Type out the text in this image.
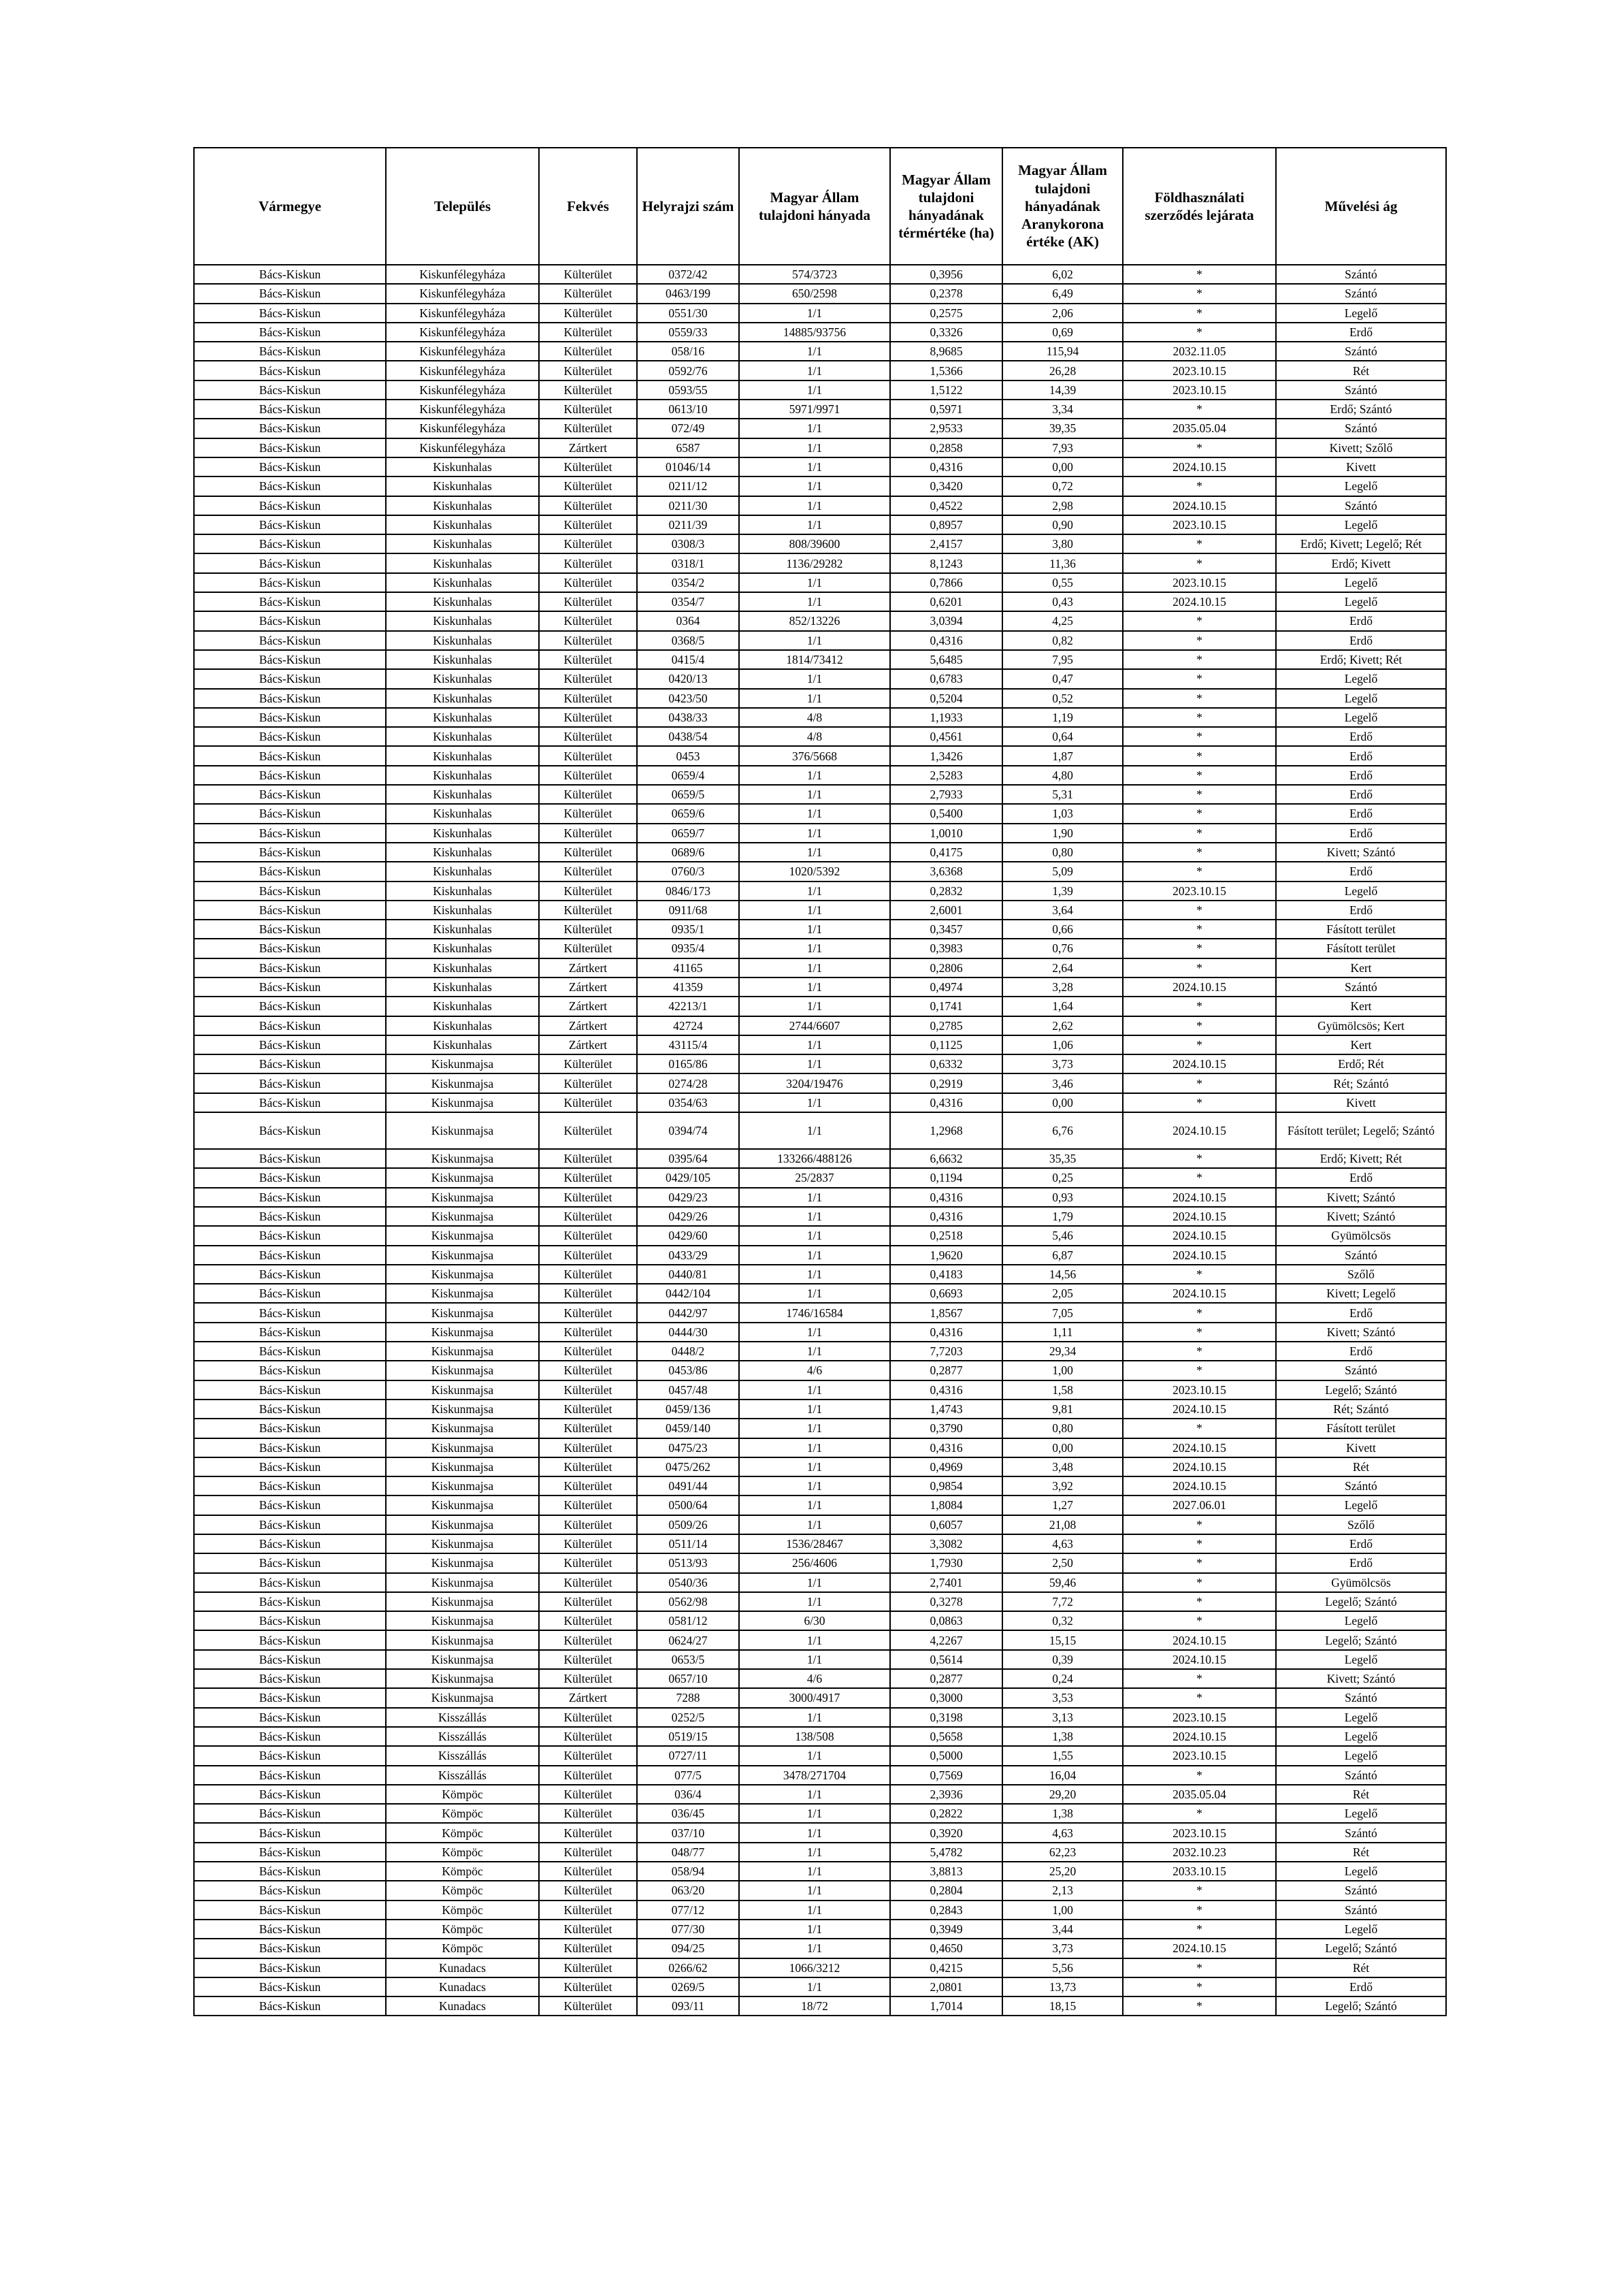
Vármegye	Település	Fekvés	Helyrajzi szám	Magyar Állam tulajdoni hányada	Magyar Állam tulajdoni hányadának térmértéke (ha)	Magyar Állam tulajdoni hányadának Aranykorona értéke (AK)	Földhasználati szerződés lejárata	Művelési ág
Bács-Kiskun	Kiskunfélegyháza	Külterület	0372/42	574/3723	0,3956	6,02	*	Szántó
Bács-Kiskun	Kiskunfélegyháza	Külterület	0463/199	650/2598	0,2378	6,49	*	Szántó
Bács-Kiskun	Kiskunfélegyháza	Külterület	0551/30	1/1	0,2575	2,06	*	Legelő
Bács-Kiskun	Kiskunfélegyháza	Külterület	0559/33	14885/93756	0,3326	0,69	*	Erdő
Bács-Kiskun	Kiskunfélegyháza	Külterület	058/16	1/1	8,9685	115,94	2032.11.05	Szántó
Bács-Kiskun	Kiskunfélegyháza	Külterület	0592/76	1/1	1,5366	26,28	2023.10.15	Rét
Bács-Kiskun	Kiskunfélegyháza	Külterület	0593/55	1/1	1,5122	14,39	2023.10.15	Szántó
Bács-Kiskun	Kiskunfélegyháza	Külterület	0613/10	5971/9971	0,5971	3,34	*	Erdő; Szántó
Bács-Kiskun	Kiskunfélegyháza	Külterület	072/49	1/1	2,9533	39,35	2035.05.04	Szántó
Bács-Kiskun	Kiskunfélegyháza	Zártkert	6587	1/1	0,2858	7,93	*	Kivett; Szőlő
Bács-Kiskun	Kiskunhalas	Külterület	01046/14	1/1	0,4316	0,00	2024.10.15	Kivett
Bács-Kiskun	Kiskunhalas	Külterület	0211/12	1/1	0,3420	0,72	*	Legelő
Bács-Kiskun	Kiskunhalas	Külterület	0211/30	1/1	0,4522	2,98	2024.10.15	Szántó
Bács-Kiskun	Kiskunhalas	Külterület	0211/39	1/1	0,8957	0,90	2023.10.15	Legelő
Bács-Kiskun	Kiskunhalas	Külterület	0308/3	808/39600	2,4157	3,80	*	Erdő; Kivett; Legelő; Rét
Bács-Kiskun	Kiskunhalas	Külterület	0318/1	1136/29282	8,1243	11,36	*	Erdő; Kivett
Bács-Kiskun	Kiskunhalas	Külterület	0354/2	1/1	0,7866	0,55	2023.10.15	Legelő
Bács-Kiskun	Kiskunhalas	Külterület	0354/7	1/1	0,6201	0,43	2024.10.15	Legelő
Bács-Kiskun	Kiskunhalas	Külterület	0364	852/13226	3,0394	4,25	*	Erdő
Bács-Kiskun	Kiskunhalas	Külterület	0368/5	1/1	0,4316	0,82	*	Erdő
Bács-Kiskun	Kiskunhalas	Külterület	0415/4	1814/73412	5,6485	7,95	*	Erdő; Kivett; Rét
Bács-Kiskun	Kiskunhalas	Külterület	0420/13	1/1	0,6783	0,47	*	Legelő
Bács-Kiskun	Kiskunhalas	Külterület	0423/50	1/1	0,5204	0,52	*	Legelő
Bács-Kiskun	Kiskunhalas	Külterület	0438/33	4/8	1,1933	1,19	*	Legelő
Bács-Kiskun	Kiskunhalas	Külterület	0438/54	4/8	0,4561	0,64	*	Erdő
Bács-Kiskun	Kiskunhalas	Külterület	0453	376/5668	1,3426	1,87	*	Erdő
Bács-Kiskun	Kiskunhalas	Külterület	0659/4	1/1	2,5283	4,80	*	Erdő
Bács-Kiskun	Kiskunhalas	Külterület	0659/5	1/1	2,7933	5,31	*	Erdő
Bács-Kiskun	Kiskunhalas	Külterület	0659/6	1/1	0,5400	1,03	*	Erdő
Bács-Kiskun	Kiskunhalas	Külterület	0659/7	1/1	1,0010	1,90	*	Erdő
Bács-Kiskun	Kiskunhalas	Külterület	0689/6	1/1	0,4175	0,80	*	Kivett; Szántó
Bács-Kiskun	Kiskunhalas	Külterület	0760/3	1020/5392	3,6368	5,09	*	Erdő
Bács-Kiskun	Kiskunhalas	Külterület	0846/173	1/1	0,2832	1,39	2023.10.15	Legelő
Bács-Kiskun	Kiskunhalas	Külterület	0911/68	1/1	2,6001	3,64	*	Erdő
Bács-Kiskun	Kiskunhalas	Külterület	0935/1	1/1	0,3457	0,66	*	Fásított terület
Bács-Kiskun	Kiskunhalas	Külterület	0935/4	1/1	0,3983	0,76	*	Fásított terület
Bács-Kiskun	Kiskunhalas	Zártkert	41165	1/1	0,2806	2,64	*	Kert
Bács-Kiskun	Kiskunhalas	Zártkert	41359	1/1	0,4974	3,28	2024.10.15	Szántó
Bács-Kiskun	Kiskunhalas	Zártkert	42213/1	1/1	0,1741	1,64	*	Kert
Bács-Kiskun	Kiskunhalas	Zártkert	42724	2744/6607	0,2785	2,62	*	Gyümölcsös; Kert
Bács-Kiskun	Kiskunhalas	Zártkert	43115/4	1/1	0,1125	1,06	*	Kert
Bács-Kiskun	Kiskunmajsa	Külterület	0165/86	1/1	0,6332	3,73	2024.10.15	Erdő; Rét
Bács-Kiskun	Kiskunmajsa	Külterület	0274/28	3204/19476	0,2919	3,46	*	Rét; Szántó
Bács-Kiskun	Kiskunmajsa	Külterület	0354/63	1/1	0,4316	0,00	*	Kivett
Bács-Kiskun	Kiskunmajsa	Külterület	0394/74	1/1	1,2968	6,76	2024.10.15	Fásított terület; Legelő; Szántó
Bács-Kiskun	Kiskunmajsa	Külterület	0395/64	133266/488126	6,6632	35,35	*	Erdő; Kivett; Rét
Bács-Kiskun	Kiskunmajsa	Külterület	0429/105	25/2837	0,1194	0,25	*	Erdő
Bács-Kiskun	Kiskunmajsa	Külterület	0429/23	1/1	0,4316	0,93	2024.10.15	Kivett; Szántó
Bács-Kiskun	Kiskunmajsa	Külterület	0429/26	1/1	0,4316	1,79	2024.10.15	Kivett; Szántó
Bács-Kiskun	Kiskunmajsa	Külterület	0429/60	1/1	0,2518	5,46	2024.10.15	Gyümölcsös
Bács-Kiskun	Kiskunmajsa	Külterület	0433/29	1/1	1,9620	6,87	2024.10.15	Szántó
Bács-Kiskun	Kiskunmajsa	Külterület	0440/81	1/1	0,4183	14,56	*	Szőlő
Bács-Kiskun	Kiskunmajsa	Külterület	0442/104	1/1	0,6693	2,05	2024.10.15	Kivett; Legelő
Bács-Kiskun	Kiskunmajsa	Külterület	0442/97	1746/16584	1,8567	7,05	*	Erdő
Bács-Kiskun	Kiskunmajsa	Külterület	0444/30	1/1	0,4316	1,11	*	Kivett; Szántó
Bács-Kiskun	Kiskunmajsa	Külterület	0448/2	1/1	7,7203	29,34	*	Erdő
Bács-Kiskun	Kiskunmajsa	Külterület	0453/86	4/6	0,2877	1,00	*	Szántó
Bács-Kiskun	Kiskunmajsa	Külterület	0457/48	1/1	0,4316	1,58	2023.10.15	Legelő; Szántó
Bács-Kiskun	Kiskunmajsa	Külterület	0459/136	1/1	1,4743	9,81	2024.10.15	Rét; Szántó
Bács-Kiskun	Kiskunmajsa	Külterület	0459/140	1/1	0,3790	0,80	*	Fásított terület
Bács-Kiskun	Kiskunmajsa	Külterület	0475/23	1/1	0,4316	0,00	2024.10.15	Kivett
Bács-Kiskun	Kiskunmajsa	Külterület	0475/262	1/1	0,4969	3,48	2024.10.15	Rét
Bács-Kiskun	Kiskunmajsa	Külterület	0491/44	1/1	0,9854	3,92	2024.10.15	Szántó
Bács-Kiskun	Kiskunmajsa	Külterület	0500/64	1/1	1,8084	1,27	2027.06.01	Legelő
Bács-Kiskun	Kiskunmajsa	Külterület	0509/26	1/1	0,6057	21,08	*	Szőlő
Bács-Kiskun	Kiskunmajsa	Külterület	0511/14	1536/28467	3,3082	4,63	*	Erdő
Bács-Kiskun	Kiskunmajsa	Külterület	0513/93	256/4606	1,7930	2,50	*	Erdő
Bács-Kiskun	Kiskunmajsa	Külterület	0540/36	1/1	2,7401	59,46	*	Gyümölcsös
Bács-Kiskun	Kiskunmajsa	Külterület	0562/98	1/1	0,3278	7,72	*	Legelő; Szántó
Bács-Kiskun	Kiskunmajsa	Külterület	0581/12	6/30	0,0863	0,32	*	Legelő
Bács-Kiskun	Kiskunmajsa	Külterület	0624/27	1/1	4,2267	15,15	2024.10.15	Legelő; Szántó
Bács-Kiskun	Kiskunmajsa	Külterület	0653/5	1/1	0,5614	0,39	2024.10.15	Legelő
Bács-Kiskun	Kiskunmajsa	Külterület	0657/10	4/6	0,2877	0,24	*	Kivett; Szántó
Bács-Kiskun	Kiskunmajsa	Zártkert	7288	3000/4917	0,3000	3,53	*	Szántó
Bács-Kiskun	Kisszállás	Külterület	0252/5	1/1	0,3198	3,13	2023.10.15	Legelő
Bács-Kiskun	Kisszállás	Külterület	0519/15	138/508	0,5658	1,38	2024.10.15	Legelő
Bács-Kiskun	Kisszállás	Külterület	0727/11	1/1	0,5000	1,55	2023.10.15	Legelő
Bács-Kiskun	Kisszállás	Külterület	077/5	3478/271704	0,7569	16,04	*	Szántó
Bács-Kiskun	Kömpöc	Külterület	036/4	1/1	2,3936	29,20	2035.05.04	Rét
Bács-Kiskun	Kömpöc	Külterület	036/45	1/1	0,2822	1,38	*	Legelő
Bács-Kiskun	Kömpöc	Külterület	037/10	1/1	0,3920	4,63	2023.10.15	Szántó
Bács-Kiskun	Kömpöc	Külterület	048/77	1/1	5,4782	62,23	2032.10.23	Rét
Bács-Kiskun	Kömpöc	Külterület	058/94	1/1	3,8813	25,20	2033.10.15	Legelő
Bács-Kiskun	Kömpöc	Külterület	063/20	1/1	0,2804	2,13	*	Szántó
Bács-Kiskun	Kömpöc	Külterület	077/12	1/1	0,2843	1,00	*	Szántó
Bács-Kiskun	Kömpöc	Külterület	077/30	1/1	0,3949	3,44	*	Legelő
Bács-Kiskun	Kömpöc	Külterület	094/25	1/1	0,4650	3,73	2024.10.15	Legelő; Szántó
Bács-Kiskun	Kunadacs	Külterület	0266/62	1066/3212	0,4215	5,56	*	Rét
Bács-Kiskun	Kunadacs	Külterület	0269/5	1/1	2,0801	13,73	*	Erdő
Bács-Kiskun	Kunadacs	Külterület	093/11	18/72	1,7014	18,15	*	Legelő; Szántó
